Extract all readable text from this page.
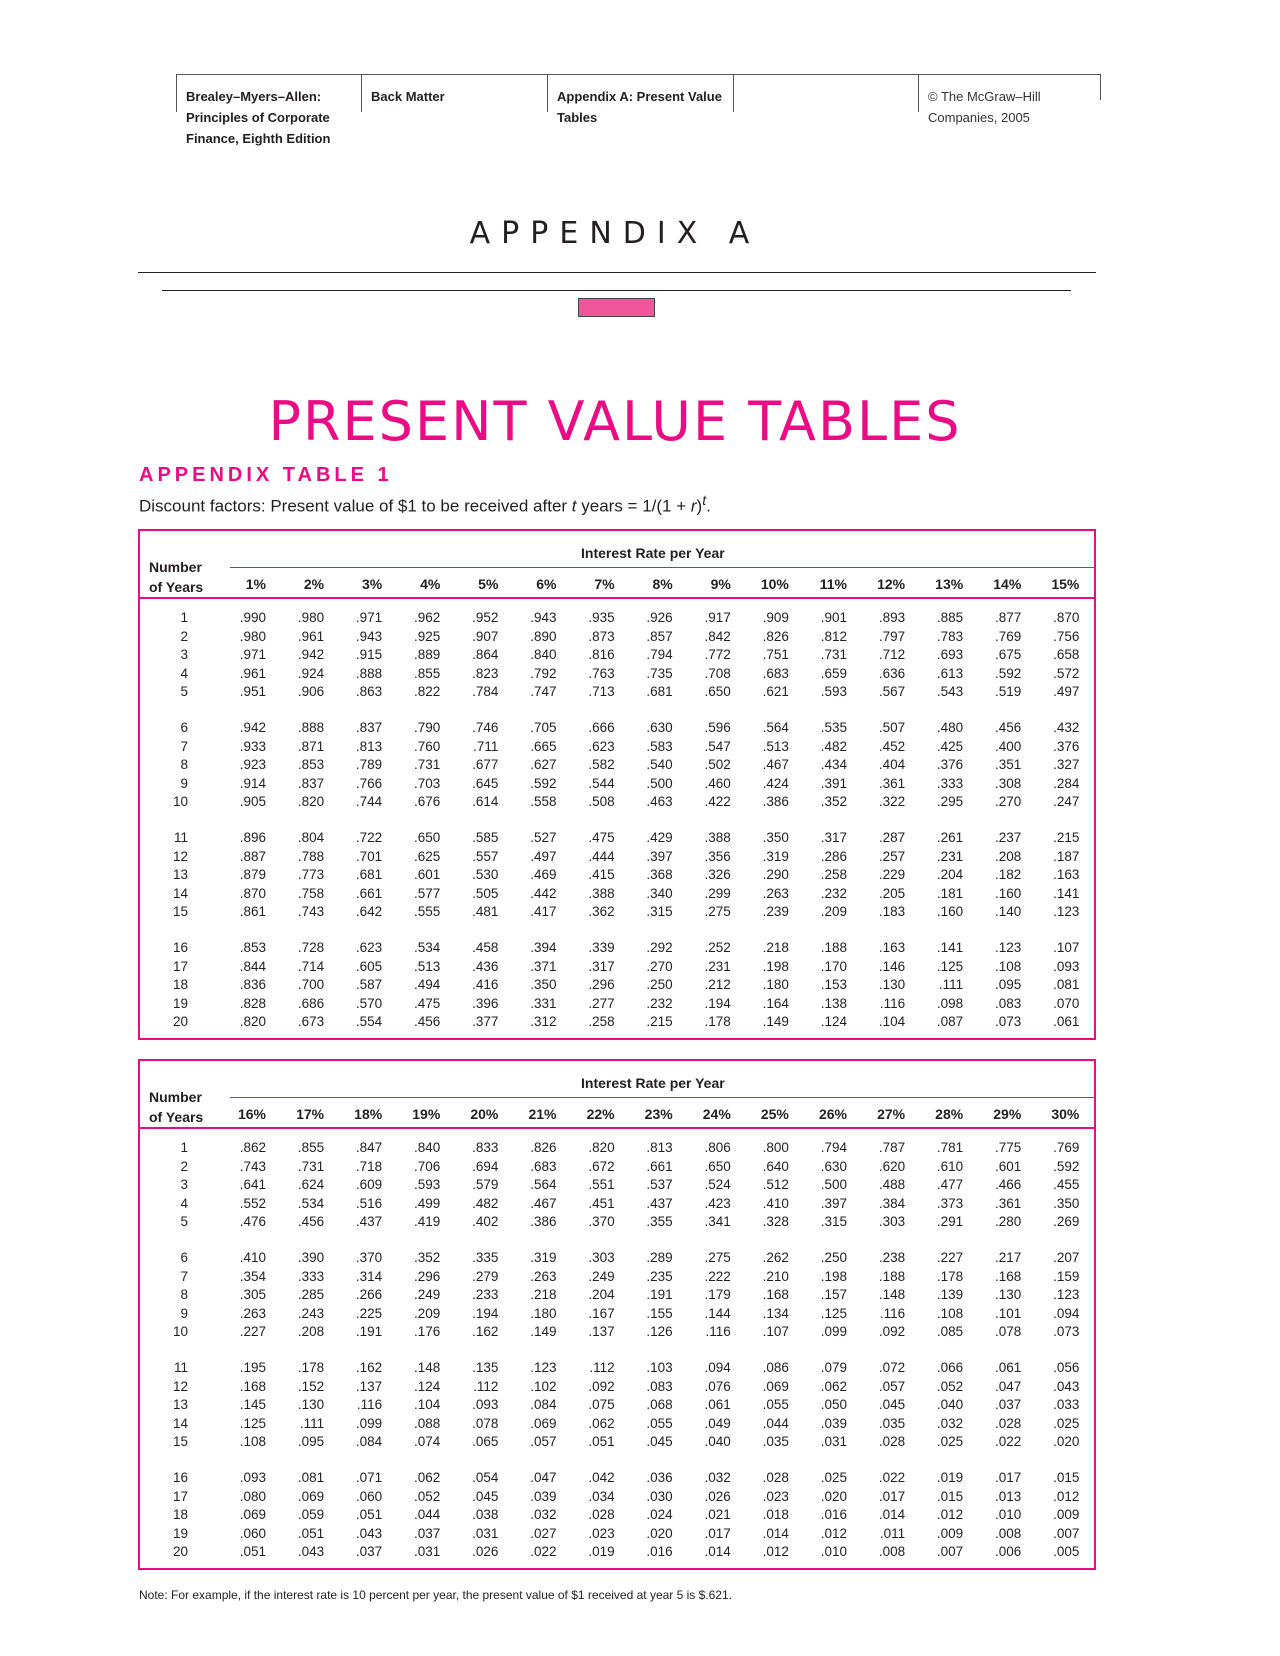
Brealey–Myers–Allen:
Principles of Corporate
Finance, Eighth Edition
Back Matter	Appendix A: Present Value
Tables
© The McGraw–Hill
Companies, 2005
APPENDIX A
PRESENT VALUE TABLES
APPENDIX TABLE 1
Discount factors: Present value of $1 to be received after t years = $1/(1 + r)^t$.
Interest Rate per Year
Number
of Years	1%	2%	3%	4%	5%	6%	7%	8%	9%	10%	11%	12%	13%	14%	15%
1	.990	.980	.971	.962	.952	.943	.935	.926	.917	.909	.901	.893	.885	.877	.870
2	.980	.961	.943	.925	.907	.890	.873	.857	.842	.826	.812	.797	.783	.769	.756
3	.971	.942	.915	.889	.864	.840	.816	.794	.772	.751	.731	.712	.693	.675	.658
4	.961	.924	.888	.855	.823	.792	.763	.735	.708	.683	.659	.636	.613	.592	.572
5	.951	.906	.863	.822	.784	.747	.713	.681	.650	.621	.593	.567	.543	.519	.497
6	.942	.888	.837	.790	.746	.705	.666	.630	.596	.564	.535	.507	.480	.456	.432
7	.933	.871	.813	.760	.711	.665	.623	.583	.547	.513	.482	.452	.425	.400	.376
8	.923	.853	.789	.731	.677	.627	.582	.540	.502	.467	.434	.404	.376	.351	.327
9	.914	.837	.766	.703	.645	.592	.544	.500	.460	.424	.391	.361	.333	.308	.284
10	.905	.820	.744	.676	.614	.558	.508	.463	.422	.386	.352	.322	.295	.270	.247
11	.896	.804	.722	.650	.585	.527	.475	.429	.388	.350	.317	.287	.261	.237	.215
12	.887	.788	.701	.625	.557	.497	.444	.397	.356	.319	.286	.257	.231	.208	.187
13	.879	.773	.681	.601	.530	.469	.415	.368	.326	.290	.258	.229	.204	.182	.163
14	.870	.758	.661	.577	.505	.442	.388	.340	.299	.263	.232	.205	.181	.160	.141
15	.861	.743	.642	.555	.481	.417	.362	.315	.275	.239	.209	.183	.160	.140	.123
16	.853	.728	.623	.534	.458	.394	.339	.292	.252	.218	.188	.163	.141	.123	.107
17	.844	.714	.605	.513	.436	.371	.317	.270	.231	.198	.170	.146	.125	.108	.093
18	.836	.700	.587	.494	.416	.350	.296	.250	.212	.180	.153	.130	.111	.095	.081
19	.828	.686	.570	.475	.396	.331	.277	.232	.194	.164	.138	.116	.098	.083	.070
20	.820	.673	.554	.456	.377	.312	.258	.215	.178	.149	.124	.104	.087	.073	.061
Interest Rate per Year
Number
of Years	16%	17%	18%	19%	20%	21%	22%	23%	24%	25%	26%	27%	28%	29%	30%
1	.862	.855	.847	.840	.833	.826	.820	.813	.806	.800	.794	.787	.781	.775	.769
2	.743	.731	.718	.706	.694	.683	.672	.661	.650	.640	.630	.620	.610	.601	.592
3	.641	.624	.609	.593	.579	.564	.551	.537	.524	.512	.500	.488	.477	.466	.455
4	.552	.534	.516	.499	.482	.467	.451	.437	.423	.410	.397	.384	.373	.361	.350
5	.476	.456	.437	.419	.402	.386	.370	.355	.341	.328	.315	.303	.291	.280	.269
6	.410	.390	.370	.352	.335	.319	.303	.289	.275	.262	.250	.238	.227	.217	.207
7	.354	.333	.314	.296	.279	.263	.249	.235	.222	.210	.198	.188	.178	.168	.159
8	.305	.285	.266	.249	.233	.218	.204	.191	.179	.168	.157	.148	.139	.130	.123
9	.263	.243	.225	.209	.194	.180	.167	.155	.144	.134	.125	.116	.108	.101	.094
10	.227	.208	.191	.176	.162	.149	.137	.126	.116	.107	.099	.092	.085	.078	.073
11	.195	.178	.162	.148	.135	.123	.112	.103	.094	.086	.079	.072	.066	.061	.056
12	.168	.152	.137	.124	.112	.102	.092	.083	.076	.069	.062	.057	.052	.047	.043
13	.145	.130	.116	.104	.093	.084	.075	.068	.061	.055	.050	.045	.040	.037	.033
14	.125	.111	.099	.088	.078	.069	.062	.055	.049	.044	.039	.035	.032	.028	.025
15	.108	.095	.084	.074	.065	.057	.051	.045	.040	.035	.031	.028	.025	.022	.020
16	.093	.081	.071	.062	.054	.047	.042	.036	.032	.028	.025	.022	.019	.017	.015
17	.080	.069	.060	.052	.045	.039	.034	.030	.026	.023	.020	.017	.015	.013	.012
18	.069	.059	.051	.044	.038	.032	.028	.024	.021	.018	.016	.014	.012	.010	.009
19	.060	.051	.043	.037	.031	.027	.023	.020	.017	.014	.012	.011	.009	.008	.007
20	.051	.043	.037	.031	.026	.022	.019	.016	.014	.012	.010	.008	.007	.006	.005
Note: For example, if the interest rate is 10 percent per year, the present value of $1 received at year 5 is $.621.
